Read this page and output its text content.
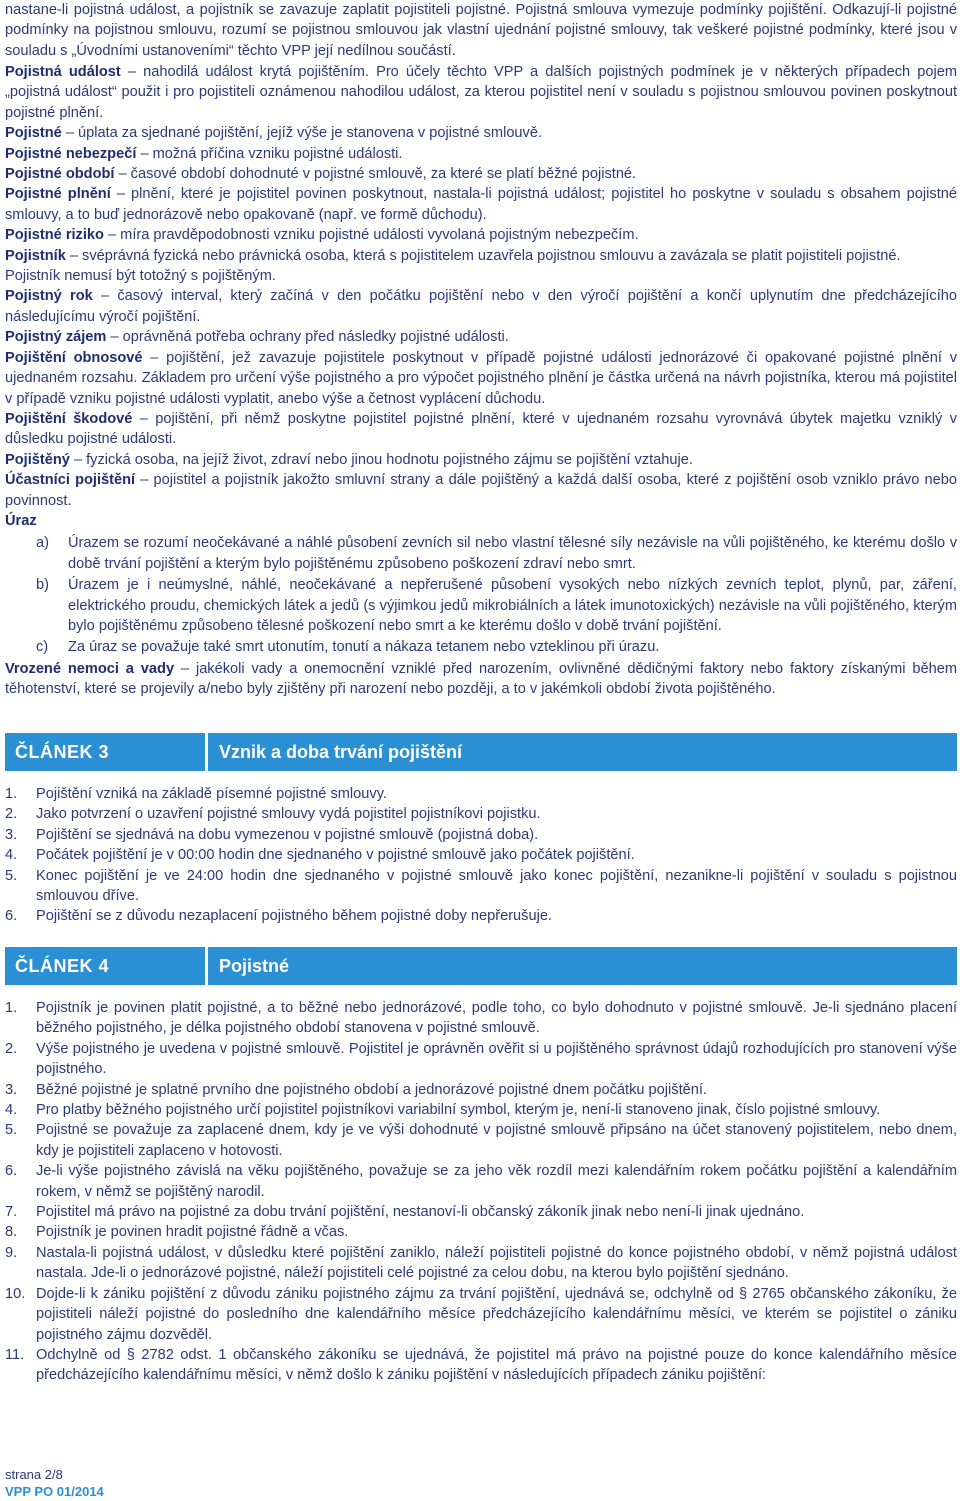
nastane-li pojistná událost, a pojistník se zavazuje zaplatit pojistiteli pojistné. Pojistná smlouva vymezuje podmínky pojištění. Odkazují-li pojistné podmínky na pojistnou smlouvu, rozumí se pojistnou smlouvou jak vlastní ujednání pojistné smlouvy, tak veškeré pojistné podmínky, které jsou v souladu s „Úvodními ustanoveními“ těchto VPP její nedílnou součástí.

Pojistná událost – nahodilá událost krytá pojištěním. Pro účely těchto VPP a dalších pojistných podmínek je v některých případech pojem „pojistná událost“ použit i pro pojistiteli oznámenou nahodilou událost, za kterou pojistitel není v souladu s pojistnou smlouvou povinen poskytnout pojistné plnění.

Pojistné – úplata za sjednané pojištění, jejíž výše je stanovena v pojistné smlouvě.

Pojistné nebezpečí – možná příčina vzniku pojistné události.

Pojistné období – časové období dohodnuté v pojistné smlouvě, za které se platí běžné pojistné.

Pojistné plnění – plnění, které je pojistitel povinen poskytnout, nastala-li pojistná událost; pojistitel ho poskytne v souladu s obsahem pojistné smlouvy, a to buď jednorázově nebo opakovaně (např. ve formě důchodu).

Pojistné riziko – míra pravděpodobnosti vzniku pojistné události vyvolaná pojistným nebezpečím.

Pojistník – svéprávná fyzická nebo právnická osoba, která s pojistitelem uzavřela pojistnou smlouvu a zavázala se platit pojistiteli pojistné.

Pojistník nemusí být totožný s pojištěným.

Pojistný rok – časový interval, který začíná v den počátku pojištění nebo v den výročí pojištění a končí uplynutím dne předcházejícího následujícímu výročí pojištění.

Pojistný zájem – oprávněná potřeba ochrany před následky pojistné události.

Pojištění obnosové – pojištění, jež zavazuje pojistitele poskytnout v případě pojistné události jednorázové či opakované pojistné plnění v ujednaném rozsahu. Základem pro určení výše pojistného a pro výpočet pojistného plnění je částka určená na návrh pojistníka, kterou má pojistitel v případě vzniku pojistné události vyplatit, anebo výše a četnost vyplácení důchodu.

Pojištění škodové – pojištění, při němž poskytne pojistitel pojistné plnění, které v ujednaném rozsahu vyrovnává úbytek majetku vzniklý v důsledku pojistné události.

Pojištěný – fyzická osoba, na jejíž život, zdraví nebo jinou hodnotu pojistného zájmu se pojištění vztahuje.

Účastníci pojištění – pojistitel a pojistník jakožto smluvní strany a dále pojištěný a každá další osoba, které z pojištění osob vzniklo právo nebo povinnost.

Úraz

a)	Úrazem se rozumí neočekávané a náhlé působení zevních sil nebo vlastní tělesné síly nezávisle na vůli pojištěného, ke kterému došlo v době trvání pojištění a kterým bylo pojištěnému způsobeno poškození zdraví nebo smrt.
b)	Úrazem je i neúmyslné, náhlé, neočekávané a nepřerušené působení vysokých nebo nízkých zevních teplot, plynů, par, záření, elektrického proudu, chemických látek a jedů (s výjimkou jedů mikrobiálních a látek imunotoxických) nezávisle na vůli pojištěného, kterým bylo pojištěnému způsobeno tělesné poškození nebo smrt a ke kterému došlo v době trvání pojištění.
c)	Za úraz se považuje také smrt utonutím, tonutí a nákaza tetanem nebo vzteklinou při úrazu.

Vrozené nemoci a vady – jakékoli vady a onemocnění vzniklé před narozením, ovlivněné dědičnými faktory nebo faktory získanými během těhotenství, které se projevily a/nebo byly zjištěny při narození nebo později, a to v jakémkoli období života pojištěného.

ČLÁNEK 3	Vznik a doba trvání pojištění
1.	Pojištění vzniká na základě písemné pojistné smlouvy.
2.	Jako potvrzení o uzavření pojistné smlouvy vydá pojistitel pojistníkovi pojistku.
3.	Pojištění se sjednává na dobu vymezenou v pojistné smlouvě (pojistná doba).
4.	Počátek pojištění je v 00:00 hodin dne sjednaného v pojistné smlouvě jako počátek pojištění.
5.	Konec pojištění je ve 24:00 hodin dne sjednaného v pojistné smlouvě jako konec pojištění, nezanikne-li pojištění v souladu s pojistnou smlouvou dříve.
6.	Pojištění se z důvodu nezaplacení pojistného během pojistné doby nepřerušuje.
ČLÁNEK 4	Pojistné
1.	Pojistník je povinen platit pojistné, a to běžné nebo jednorázové, podle toho, co bylo dohodnuto v pojistné smlouvě. Je-li sjednáno placení běžného pojistného, je délka pojistného období stanovena v pojistné smlouvě.
2.	Výše pojistného je uvedena v pojistné smlouvě. Pojistitel je oprávněn ověřit si u pojištěného správnost údajů rozhodujících pro stanovení výše pojistného.
3.	Běžné pojistné je splatné prvního dne pojistného období a jednorázové pojistné dnem počátku pojištění.
4.	Pro platby běžného pojistného určí pojistitel pojistníkovi variabilní symbol, kterým je, není-li stanoveno jinak, číslo pojistné smlouvy.
5.	Pojistné se považuje za zaplacené dnem, kdy je ve výši dohodnuté v pojistné smlouvě připsáno na účet stanovený pojistitelem, nebo dnem, kdy je pojistiteli zaplaceno v hotovosti.
6.	Je-li výše pojistného závislá na věku pojištěného, považuje se za jeho věk rozdíl mezi kalendářním rokem počátku pojištění a kalendářním rokem, v němž se pojištěný narodil.
7.	Pojistitel má právo na pojistné za dobu trvání pojištění, nestanoví-li občanský zákoník jinak nebo není-li jinak ujednáno.
8.	Pojistník je povinen hradit pojistné řádně a včas.
9.	Nastala-li pojistná událost, v důsledku které pojištění zaniklo, náleží pojistiteli pojistné do konce pojistného období, v němž pojistná událost nastala. Jde-li o jednorázové pojistné, náleží pojistiteli celé pojistné za celou dobu, na kterou bylo pojištění sjednáno.
10. Dojde-li k zániku pojištění z důvodu zániku pojistného zájmu za trvání pojištění, ujednává se, odchylně od § 2765 občanského zákoníku, že pojistiteli náleží pojistné do posledního dne kalendářního měsíce předcházejícího kalendářnímu měsíci, ve kterém se pojistitel o zániku pojistného zájmu dozvěděl.
11. Odchylně od § 2782 odst. 1 občanského zákoníku se ujednává, že pojistitel má právo na pojistné pouze do konce kalendářního měsíce předcházejícího kalendářnímu měsíci, v němž došlo k zániku pojištění v následujících případech zániku pojištění:
strana 2/8
VPP PO 01/2014
